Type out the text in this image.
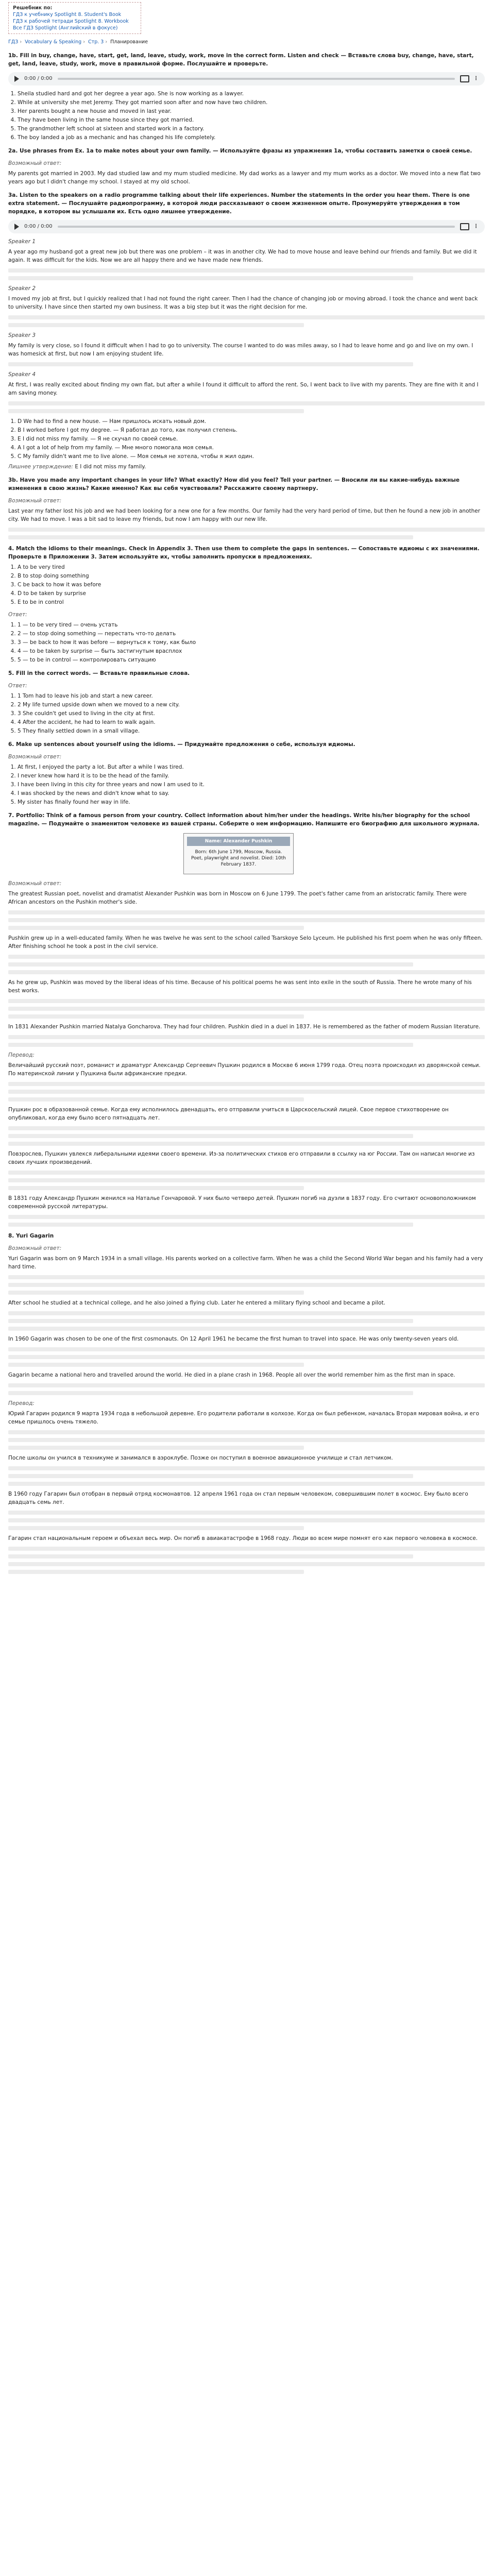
Решебник по:
ГДЗ к учебнику Spotlight 8. Student's Book
ГДЗ к рабочей тетради Spotlight 8. Workbook
Все ГДЗ Spotlight (Английский в фокусе)
ГДЗ › Vocabulary & Speaking › Стр. 3 › Планирование
1b. Fill in buy, change, have, start, get, land, leave, study, work, move in the correct form. Listen and check — Вставьте слова buy, change, have, start, get, land, leave, study, work, move в правильной форме. Послушайте и проверьте.
0:00 / 0:00	⋮
1. Sheila studied hard and got her degree a year ago. She is now working as a lawyer.
2. While at university she met Jeremy. They got married soon after and now have two children.
3. Her parents bought a new house and moved in last year.
4. They have been living in the same house since they got married.
5. The grandmother left school at sixteen and started work in a factory.
6. The boy landed a job as a mechanic and has changed his life completely.
2a. Use phrases from Ex. 1a to make notes about your own family. — Используйте фразы из упражнения 1а, чтобы составить заметки о своей семье.
Возможный ответ:

My parents got married in 2003. My dad studied law and my mum studied medicine. My dad works as a lawyer and my mum works as a doctor. We moved into a new flat two years ago but I didn't change my school. I stayed at my old school.

3a. Listen to the speakers on a radio programme talking about their life experiences. Number the statements in the order you hear them. There is one extra statement. — Послушайте радиопрограмму, в которой люди рассказывают о своем жизненном опыте. Пронумеруйте утверждения в том порядке, в котором вы услышали их. Есть одно лишнее утверждение.
0:00 / 0:00	⋮
Speaker 1

A year ago my husband got a great new job but there was one problem – it was in another city. We had to move house and leave behind our friends and family. But we did it again. It was difficult for the kids. Now we are all happy there and we have made new friends.

Speaker 2

I moved my job at first, but I quickly realized that I had not found the right career. Then I had the chance of changing job or moving abroad. I took the chance and went back to university. I have since then started my own business. It was a big step but it was the right decision for me.

Speaker 3

My family is very close, so I found it difficult when I had to go to university. The course I wanted to do was miles away, so I had to leave home and go and live on my own. I was homesick at first, but now I am enjoying student life.

Speaker 4

At first, I was really excited about finding my own flat, but after a while I found it difficult to afford the rent. So, I went back to live with my parents. They are fine with it and I am saving money.

1. D We had to find a new house. — Нам пришлось искать новый дом.
2. B I worked before I got my degree. — Я работал до того, как получил степень.
3. E I did not miss my family. — Я не скучал по своей семье.
4. A I got a lot of help from my family. — Мне много помогала моя семья.
5. C My family didn't want me to live alone. — Моя семья не хотела, чтобы я жил один.

Лишнее утверждение: E I did not miss my family.

3b. Have you made any important changes in your life? What exactly? How did you feel? Tell your partner. — Вносили ли вы какие-нибудь важные изменения в свою жизнь? Какие именно? Как вы себя чувствовали? Расскажите своему партнеру.
Возможный ответ:

Last year my father lost his job and we had been looking for a new one for a few months. Our family had the very hard period of time, but then he found a new job in another city. We had to move. I was a bit sad to leave my friends, but now I am happy with our new life.

4. Match the idioms to their meanings. Check in Appendix 3. Then use them to complete the gaps in sentences. — Сопоставьте идиомы с их значениями. Проверьте в Приложении 3. Затем используйте их, чтобы заполнить пропуски в предложениях.
1. A to be very tired
2. B to stop doing something
3. C be back to how it was before
4. D to be taken by surprise
5. E to be in control
Ответ:
1. 1 — to be very tired — очень устать
2. 2 — to stop doing something — перестать что-то делать
3. 3 — be back to how it was before — вернуться к тому, как было
4. 4 — to be taken by surprise — быть застигнутым врасплох
5. 5 — to be in control — контролировать ситуацию
5. Fill in the correct words. — Вставьте правильные слова.
Ответ:
1. 1 Tom had to leave his job and start a new career.
2. 2 My life turned upside down when we moved to a new city.
3. 3 She couldn't get used to living in the city at first.
4. 4 After the accident, he had to learn to walk again.
5. 5 They finally settled down in a small village.
6. Make up sentences about yourself using the idioms. — Придумайте предложения о себе, используя идиомы.
Возможный ответ:
1. At first, I enjoyed the party a lot. But after a while I was tired.
2. I never knew how hard it is to be the head of the family.
3. I have been living in this city for three years and now I am used to it.
4. I was shocked by the news and didn't know what to say.
5. My sister has finally found her way in life.
7. Portfolio: Think of a famous person from your country. Collect information about him/her under the headings. Write his/her biography for the school magazine. — Подумайте о знаменитом человеке из вашей страны. Соберите о нем информацию. Напишите его биографию для школьного журнала.
Name: Alexander Pushkin
Born: 6th June 1799, Moscow, Russia. Poet, playwright and novelist. Died: 10th February 1837.
Возможный ответ:

The greatest Russian poet, novelist and dramatist Alexander Pushkin was born in Moscow on 6 June 1799. The poet's father came from an aristocratic family. There were African ancestors on the Pushkin mother's side.

Pushkin grew up in a well-educated family. When he was twelve he was sent to the school called Tsarskoye Selo Lyceum. He published his first poem when he was only fifteen. After finishing school he took a post in the civil service.

As he grew up, Pushkin was moved by the liberal ideas of his time. Because of his political poems he was sent into exile in the south of Russia. There he wrote many of his best works.

In 1831 Alexander Pushkin married Natalya Goncharova. They had four children. Pushkin died in a duel in 1837. He is remembered as the father of modern Russian literature.

Перевод:

Величайший русский поэт, романист и драматург Александр Сергеевич Пушкин родился в Москве 6 июня 1799 года. Отец поэта происходил из дворянской семьи. По материнской линии у Пушкина были африканские предки.

Пушкин рос в образованной семье. Когда ему исполнилось двенадцать, его отправили учиться в Царскосельский лицей. Свое первое стихотворение он опубликовал, когда ему было всего пятнадцать лет.

Повзрослев, Пушкин увлекся либеральными идеями своего времени. Из-за политических стихов его отправили в ссылку на юг России. Там он написал многие из своих лучших произведений.

В 1831 году Александр Пушкин женился на Наталье Гончаровой. У них было четверо детей. Пушкин погиб на дуэли в 1837 году. Его считают основоположником современной русской литературы.

8. Yuri Gagarin
Возможный ответ:

Yuri Gagarin was born on 9 March 1934 in a small village. His parents worked on a collective farm. When he was a child the Second World War began and his family had a very hard time.

After school he studied at a technical college, and he also joined a flying club. Later he entered a military flying school and became a pilot.

In 1960 Gagarin was chosen to be one of the first cosmonauts. On 12 April 1961 he became the first human to travel into space. He was only twenty-seven years old.

Gagarin became a national hero and travelled around the world. He died in a plane crash in 1968. People all over the world remember him as the first man in space.

Перевод:

Юрий Гагарин родился 9 марта 1934 года в небольшой деревне. Его родители работали в колхозе. Когда он был ребенком, началась Вторая мировая война, и его семье пришлось очень тяжело.

После школы он учился в техникуме и занимался в аэроклубе. Позже он поступил в военное авиационное училище и стал летчиком.

В 1960 году Гагарин был отобран в первый отряд космонавтов. 12 апреля 1961 года он стал первым человеком, совершившим полет в космос. Ему было всего двадцать семь лет.

Гагарин стал национальным героем и объехал весь мир. Он погиб в авиакатастрофе в 1968 году. Люди во всем мире помнят его как первого человека в космосе.
